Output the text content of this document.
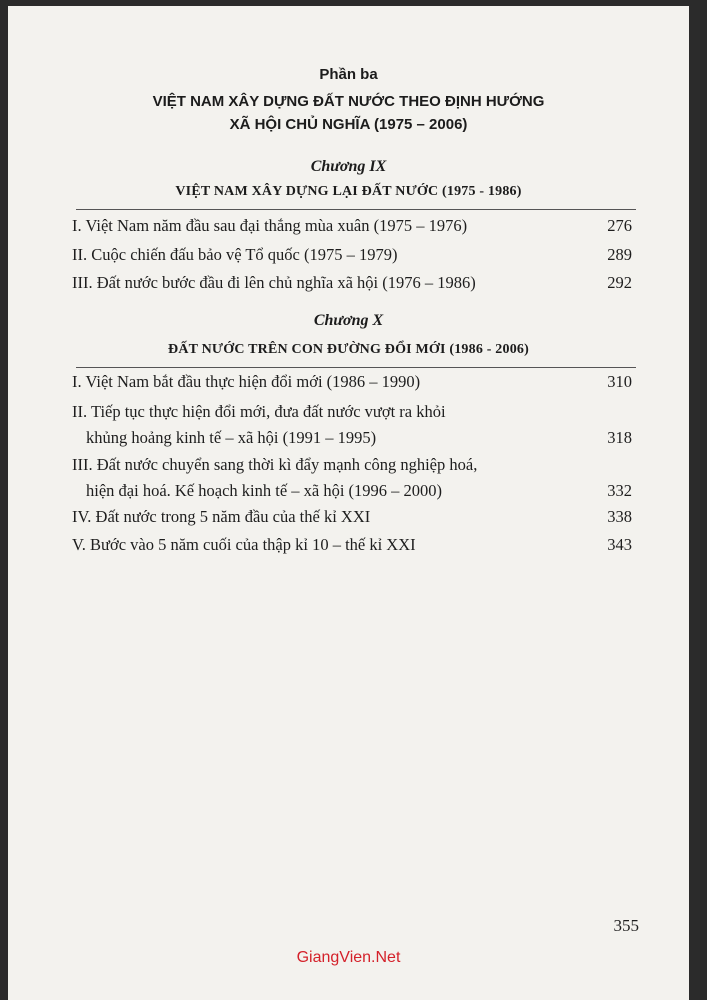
Phần ba
VIỆT NAM XÂY DỰNG ĐẤT NƯỚC THEO ĐỊNH HƯỚNG
XÃ HỘI CHỦ NGHĨA (1975 – 2006)
Chương IX
VIỆT NAM XÂY DỰNG LẠI ĐẤT NƯỚC (1975 - 1986)
I. Việt Nam năm đầu sau đại thắng mùa xuân (1975 – 1976)	276
II. Cuộc chiến đấu bảo vệ Tổ quốc (1975 – 1979)	289
III. Đất nước bước đầu đi lên chủ nghĩa xã hội (1976 – 1986)	292
Chương X
ĐẤT NƯỚC TRÊN CON ĐƯỜNG ĐỔI MỚI (1986 - 2006)
I. Việt Nam bắt đầu thực hiện đổi mới (1986 – 1990)	310
II. Tiếp tục thực hiện đổi mới, đưa đất nước vượt ra khỏi
khủng hoảng kinh tế – xã hội (1991 – 1995)	318
III. Đất nước chuyển sang thời kì đẩy mạnh công nghiệp hoá,
hiện đại hoá. Kế hoạch kinh tế – xã hội (1996 – 2000)	332
IV. Đất nước trong 5 năm đầu của thế kỉ XXI	338
V. Bước vào 5 năm cuối của thập kỉ 10 – thế kỉ XXI	343
355
GiangVien.Net
